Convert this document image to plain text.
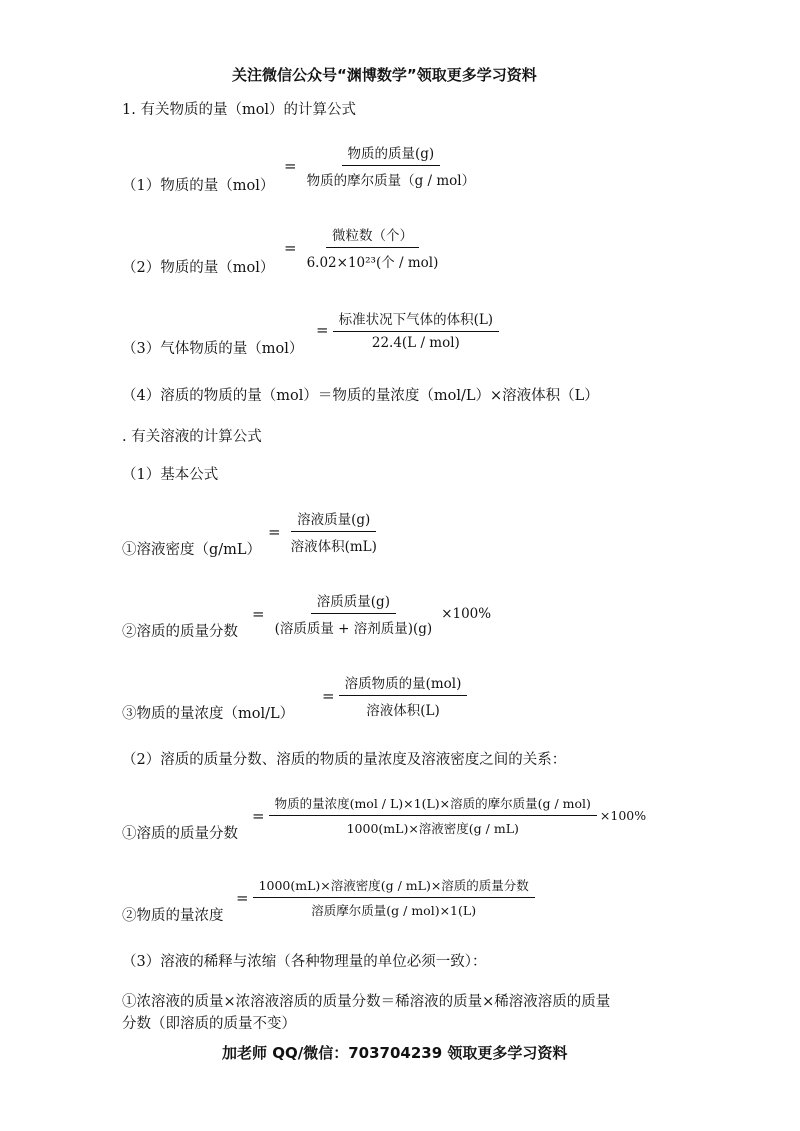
关注微信公众号“渊博数学”领取更多学习资料
1. 有关物质的量（mol）的计算公式
= $\frac{\text{物质的质量(g)}}{\text{物质的摩尔质量（g / mol）}}$
（1）物质的量（mol）
= $\frac{\text{微粒数（个）}}{\text{6.02×10²³(个 / mol)}}$
（2）物质的量（mol）
= $\frac{\text{标准状况下气体的体积(L)}}{\text{22.4(L / mol)}}$
（3）气体物质的量（mol）
（4）溶质的物质的量（mol）＝物质的量浓度（mol/L）×溶液体积（L）
. 有关溶液的计算公式
（1）基本公式
= $\frac{\text{溶液质量(g)}}{\text{溶液体积(mL)}}$
①溶液密度（g/mL）
= $\frac{\text{溶质质量(g)}}{\text{(溶质质量 + 溶剂质量)(g)}} \times 100\%$
②溶质的质量分数
= $\frac{\text{溶质物质的量(mol)}}{\text{溶液体积(L)}}$
③物质的量浓度（mol/L）
（2）溶质的质量分数、溶质的物质的量浓度及溶液密度之间的关系：
= $\frac{\text{物质的量浓度(mol / L)×1(L)×溶质的摩尔质量(g / mol)}}{\text{1000(mL)×溶液密度(g / mL)}} \times 100\%$
①溶质的质量分数
= $\frac{\text{1000(mL)×溶液密度(g / mL)×溶质的质量分数}}{\text{溶质摩尔质量(g / mol)×1(L)}}$
②物质的量浓度
（3）溶液的稀释与浓缩（各种物理量的单位必须一致）：
①浓溶液的质量×浓溶液溶质的质量分数＝稀溶液的质量×稀溶液溶质的质量
分数（即溶质的质量不变）
加老师 QQ/微信：703704239 领取更多学习资料
